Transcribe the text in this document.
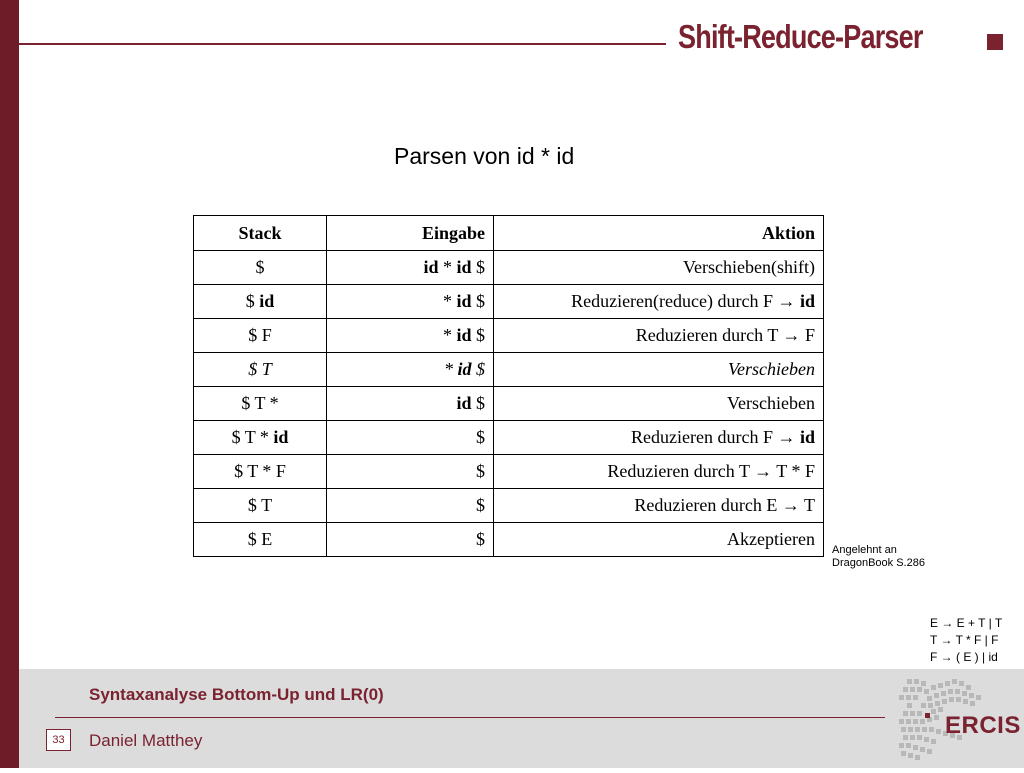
Shift-Reduce-Parser
Parsen von id * id
Stack	Eingabe	Aktion
$	id * id $	Verschieben(shift)
$ id	* id $	Reduzieren(reduce) durch F → id
$ F	* id $	Reduzieren durch T → F
$ T	* id $	Verschieben
$ T *	id $	Verschieben
$ T * id	$	Reduzieren durch F → id
$ T * F	$	Reduzieren durch T → T * F
$ T	$	Reduzieren durch E → T
$ E	$	Akzeptieren
Angelehnt an
DragonBook S.286
E → E + T | T
T → T * F | F
F → ( E ) | id
Syntaxanalyse Bottom-Up und LR(0)
33	Daniel Matthey
ERCIS
